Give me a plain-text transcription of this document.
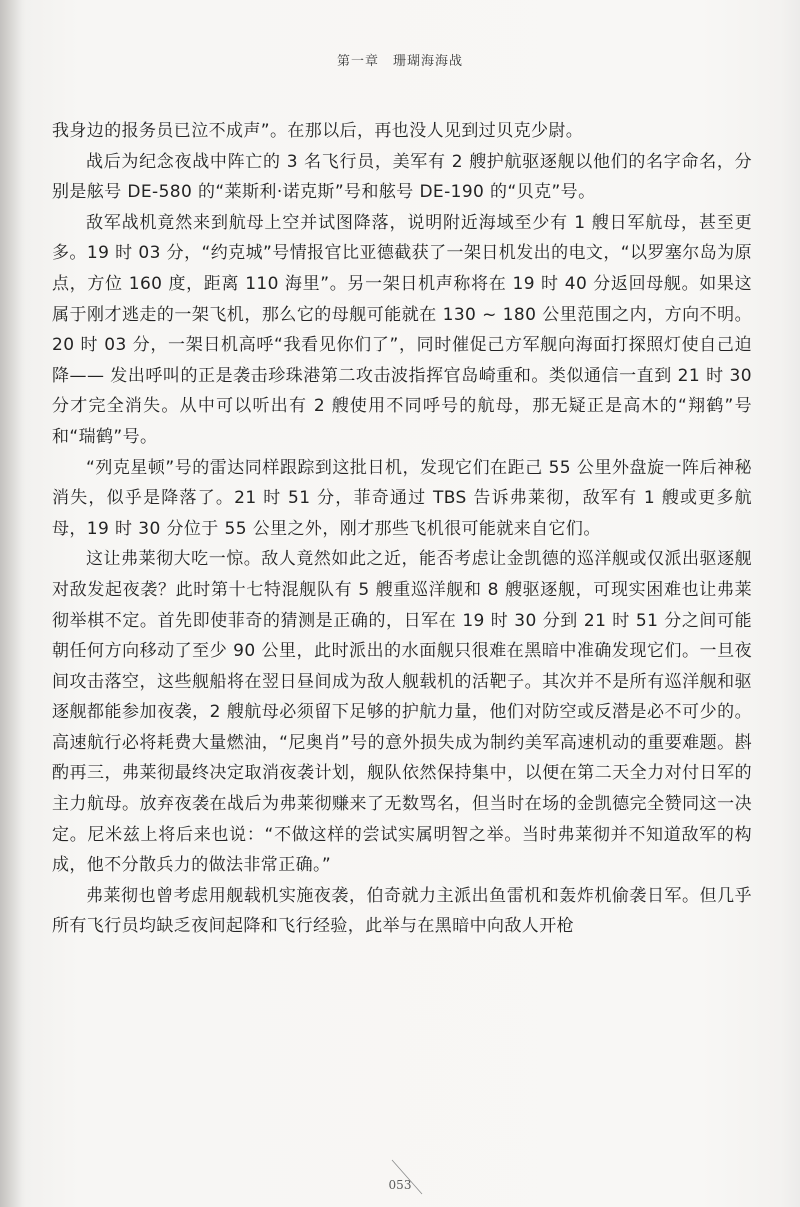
第一章 珊瑚海海战

我身边的报务员已泣不成声”。在那以后，再也没人见到过贝克少尉。

战后为纪念夜战中阵亡的 3 名飞行员，美军有 2 艘护航驱逐舰以他们的名字命名，分别是舷号 DE-580 的“莱斯利·诺克斯”号和舷号 DE-190 的“贝克”号。

敌军战机竟然来到航母上空并试图降落，说明附近海域至少有 1 艘日军航母，甚至更多。19 时 03 分，“约克城”号情报官比亚德截获了一架日机发出的电文，“以罗塞尔岛为原点，方位 160 度，距离 110 海里”。另一架日机声称将在 19 时 40 分返回母舰。如果这属于刚才逃走的一架飞机，那么它的母舰可能就在 130 ~ 180 公里范围之内，方向不明。20 时 03 分，一架日机高呼“我看见你们了”，同时催促己方军舰向海面打探照灯使自己迫降—— 发出呼叫的正是袭击珍珠港第二攻击波指挥官岛崎重和。类似通信一直到 21 时 30 分才完全消失。从中可以听出有 2 艘使用不同呼号的航母，那无疑正是高木的“翔鹤”号和“瑞鹤”号。

“列克星顿”号的雷达同样跟踪到这批日机，发现它们在距己 55 公里外盘旋一阵后神秘消失，似乎是降落了。21 时 51 分，菲奇通过 TBS 告诉弗莱彻，敌军有 1 艘或更多航母，19 时 30 分位于 55 公里之外，刚才那些飞机很可能就来自它们。

这让弗莱彻大吃一惊。敌人竟然如此之近，能否考虑让金凯德的巡洋舰或仅派出驱逐舰对敌发起夜袭？此时第十七特混舰队有 5 艘重巡洋舰和 8 艘驱逐舰，可现实困难也让弗莱彻举棋不定。首先即使菲奇的猜测是正确的，日军在 19 时 30 分到 21 时 51 分之间可能朝任何方向移动了至少 90 公里，此时派出的水面舰只很难在黑暗中准确发现它们。一旦夜间攻击落空，这些舰船将在翌日昼间成为敌人舰载机的活靶子。其次并不是所有巡洋舰和驱逐舰都能参加夜袭，2 艘航母必须留下足够的护航力量，他们对防空或反潜是必不可少的。高速航行必将耗费大量燃油，“尼奥肖”号的意外损失成为制约美军高速机动的重要难题。斟酌再三，弗莱彻最终决定取消夜袭计划，舰队依然保持集中，以便在第二天全力对付日军的主力航母。放弃夜袭在战后为弗莱彻赚来了无数骂名，但当时在场的金凯德完全赞同这一决定。尼米兹上将后来也说：“不做这样的尝试实属明智之举。当时弗莱彻并不知道敌军的构成，他不分散兵力的做法非常正确。”

弗莱彻也曾考虑用舰载机实施夜袭，伯奇就力主派出鱼雷机和轰炸机偷袭日军。但几乎所有飞行员均缺乏夜间起降和飞行经验，此举与在黑暗中向敌人开枪

053
